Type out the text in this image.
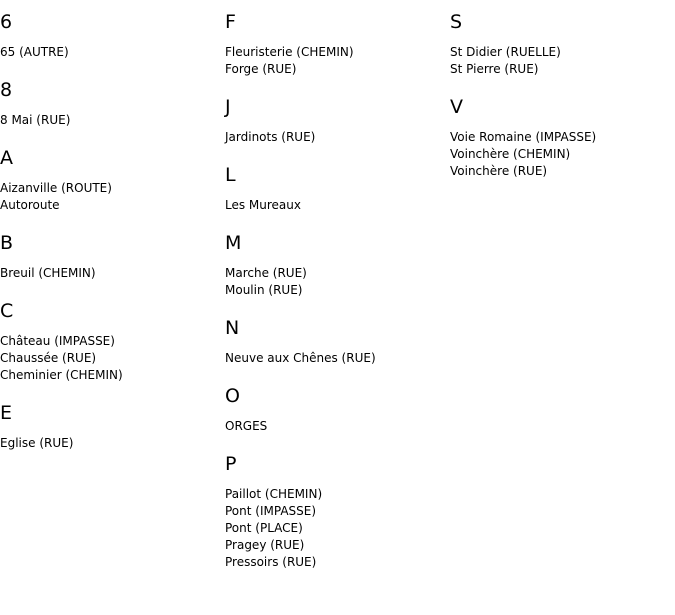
6
65 (AUTRE)
8
8 Mai (RUE)
A
Aizanville (ROUTE)
Autoroute
B
Breuil (CHEMIN)
C
Château (IMPASSE)
Chaussée (RUE)
Cheminier (CHEMIN)
E
Eglise (RUE)
F
Fleuristerie (CHEMIN)
Forge (RUE)
J
Jardinots (RUE)
L
Les Mureaux
M
Marche (RUE)
Moulin (RUE)
N
Neuve aux Chênes (RUE)
O
ORGES
P
Paillot (CHEMIN)
Pont (IMPASSE)
Pont (PLACE)
Pragey (RUE)
Pressoirs (RUE)
S
St Didier (RUELLE)
St Pierre (RUE)
V
Voie Romaine (IMPASSE)
Voinchère (CHEMIN)
Voinchère (RUE)
